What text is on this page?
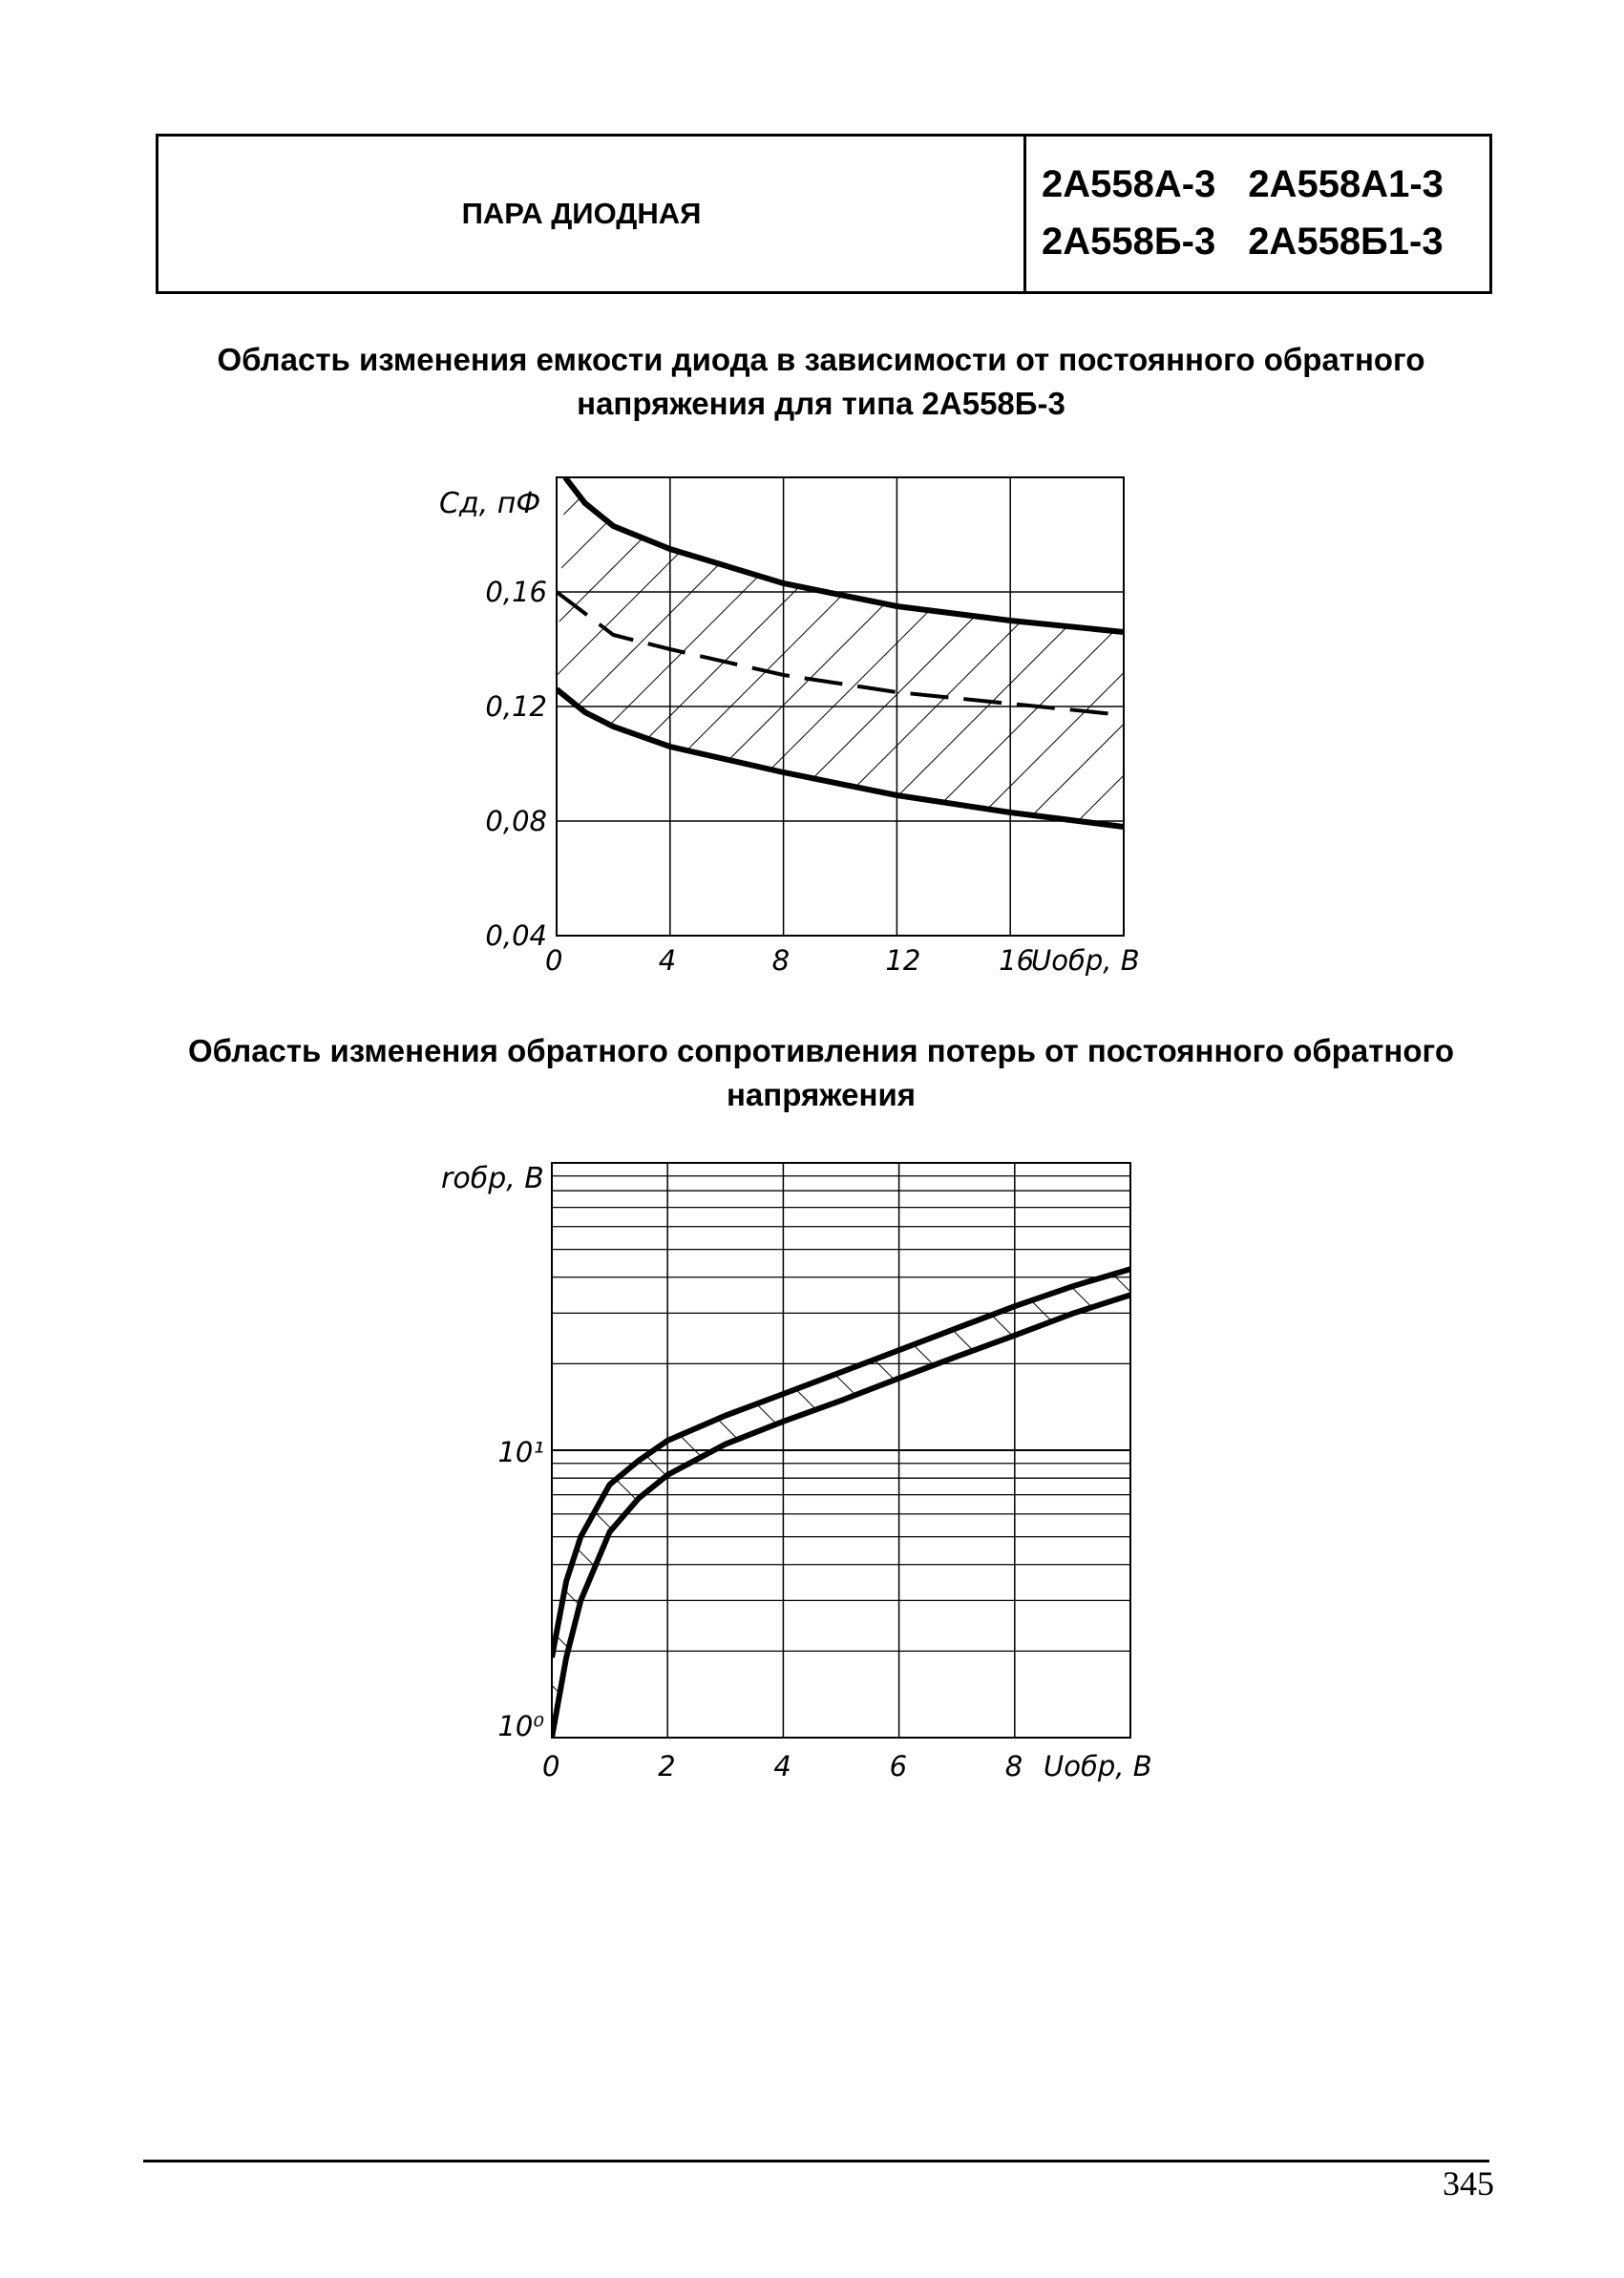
ПАРА ДИОДНАЯ
2А558А-3 2А558А1-3
2А558Б-3 2А558Б1-3
Область изменения емкости диода в зависимости от постоянного обратного напряжения для типа 2А558Б-3
Область изменения обратного сопротивления потерь от постоянного обратного напряжения
0	4	8	12	16
0,04
0,08
0,12
0,16
Cд, пФ
Uобр, В
0	2	4	6	8
10⁰
10¹
rобр, В
Uобр, В
345
